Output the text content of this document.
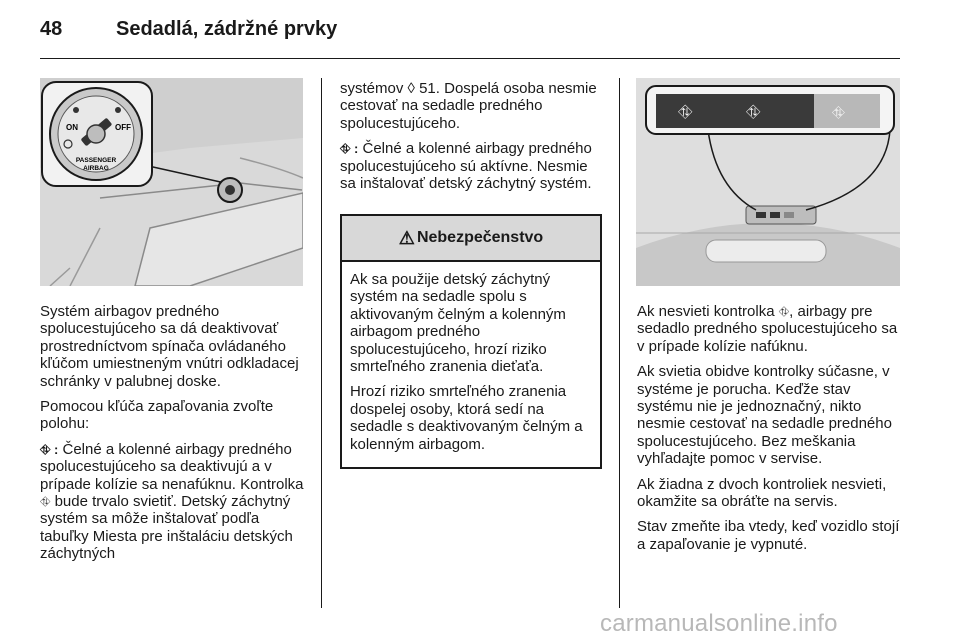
48	Sedadlá, zádržné prvky
ON	OFF
PASSENGER
AIRBAG
⛗	⛗	⛗

Systém airbagov predného spolucestujúceho sa dá deaktivovať prostredníctvom spínača ovládaného kľúčom umiestneným vnútri odkladacej schránky v palubnej doske.

Pomocou kľúča zapaľovania zvoľte polohu:

⛗ : Čelné a kolenné airbagy predného spolucestujúceho sa deaktivujú a v prípade kolízie sa nenafúknu. Kontrolka ⛗ bude trvalo svietiť. Detský záchytný systém sa môže inštalovať podľa tabuľky Miesta pre inštaláciu detských záchytných

systémov ◊ 51. Dospelá osoba nesmie cestovať na sedadle predného spolucestujúceho.

⛗ : Čelné a kolenné airbagy predného spolucestujúceho sú aktívne. Nesmie sa inštalovať detský záchytný systém.

⚠ Nebezpečenstvo

Ak sa použije detský záchytný systém na sedadle spolu s aktivovaným čelným a kolenným airbagom predného spolucestujúceho, hrozí riziko smrteľného zranenia dieťaťa.

Hrozí riziko smrteľného zranenia dospelej osoby, ktorá sedí na sedadle s deaktivovaným čelným a kolenným airbagom.

Ak nesvieti kontrolka ⛗, airbagy pre sedadlo predného spolucestujúceho sa v prípade kolízie nafúknu.

Ak svietia obidve kontrolky súčasne, v systéme je porucha. Keďže stav systému nie je jednoznačný, nikto nesmie cestovať na sedadle predného spolucestujúceho. Bez meškania vyhľadajte pomoc v servise.

Ak žiadna z dvoch kontroliek nesvieti, okamžite sa obráťte na servis.

Stav zmeňte iba vtedy, keď vozidlo stojí a zapaľovanie je vypnuté.

carmanualsonline.info
